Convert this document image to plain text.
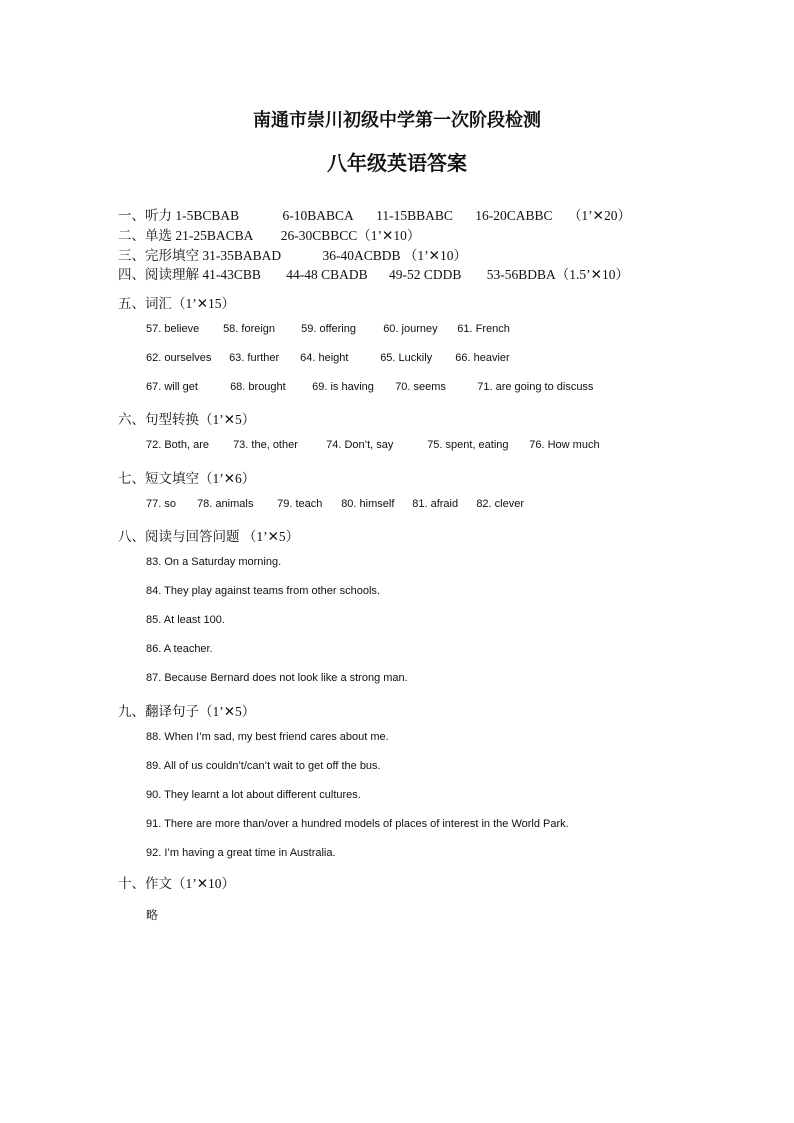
南通市崇川初级中学第一次阶段检测
八年级英语答案
一、听力 1-5BCBAB	6-10BABCA 11-15BBABC 16-20CABBC （1’✕20）
二、单选 21-25BACBA 26-30CBBCC（1’✕10）
三、完形填空 31-35BABAD	36-40ACBDB （1’✕10）
四、阅读理解 41-43CBB 44-48 CBADB 49-52 CDDB 53-56BDBA（1.5’✕10）
五、词汇（1’✕15）
57. believe 58. foreign 59. offering 60. journey 61. French
62. ourselves 63. further 64. height	65. Luckily 66. heavier
67. will get	68. brought 69. is having 70. seems	71. are going to discuss
六、句型转换（1’✕5）
72. Both, are 73. the, other	74. Don’t, say	75. spent, eating 76. How much
七、短文填空（1’✕6）
77. so 78. animals 79. teach 80. himself 81. afraid 82. clever
八、阅读与回答问题 （1’✕5）
83. On a Saturday morning.
84. They play against teams from other schools.
85. At least 100.
86. A teacher.
87. Because Bernard does not look like a strong man.
九、翻译句子（1’✕5）
88. When I’m sad, my best friend cares about me.
89. All of us couldn’t/can’t wait to get off the bus.
90. They learnt a lot about different cultures.
91. There are more than/over a hundred models of places of interest in the World Park.
92. I’m having a great time in Australia.
十、作文（1’✕10）
略
